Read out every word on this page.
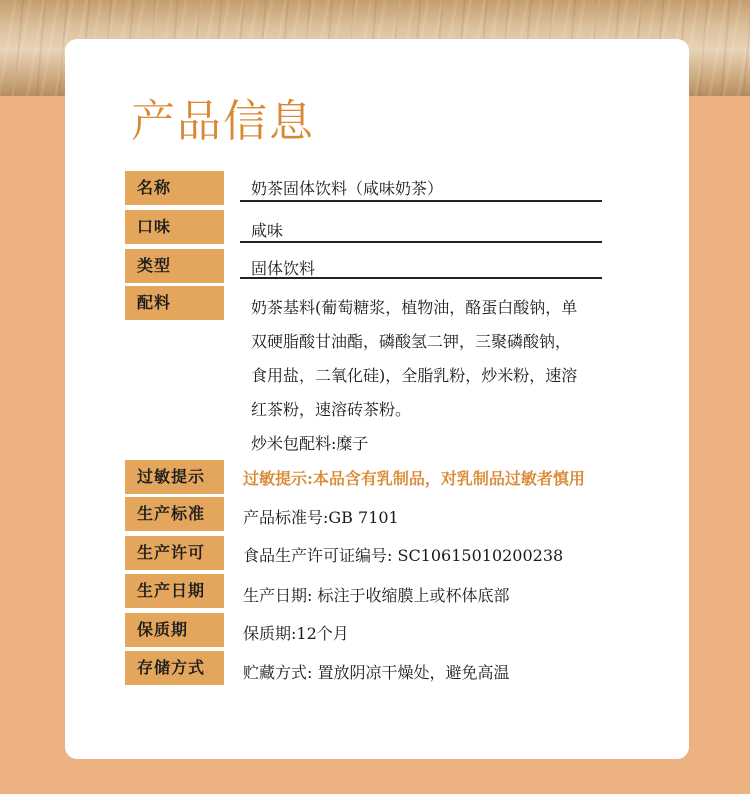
产品信息
名称	奶茶固体饮料（咸味奶茶）
口味	咸味
类型	固体饮料
配料	奶茶基料(葡萄糖浆，植物油，酪蛋白酸钠，单

双硬脂酸甘油酯，磷酸氢二钾，三聚磷酸钠，

食用盐，二氧化硅)，全脂乳粉，炒米粉，速溶

红茶粉，速溶砖茶粉。

炒米包配料:糜子

过敏提示	过敏提示:本品含有乳制品，对乳制品过敏者慎用
生产标准	产品标准号:GB 7101
生产许可	食品生产许可证编号: SC10615010200238
生产日期	生产日期: 标注于收缩膜上或杯体底部
保质期	保质期:12个月
存储方式	贮藏方式: 置放阴凉干燥处，避免高温
